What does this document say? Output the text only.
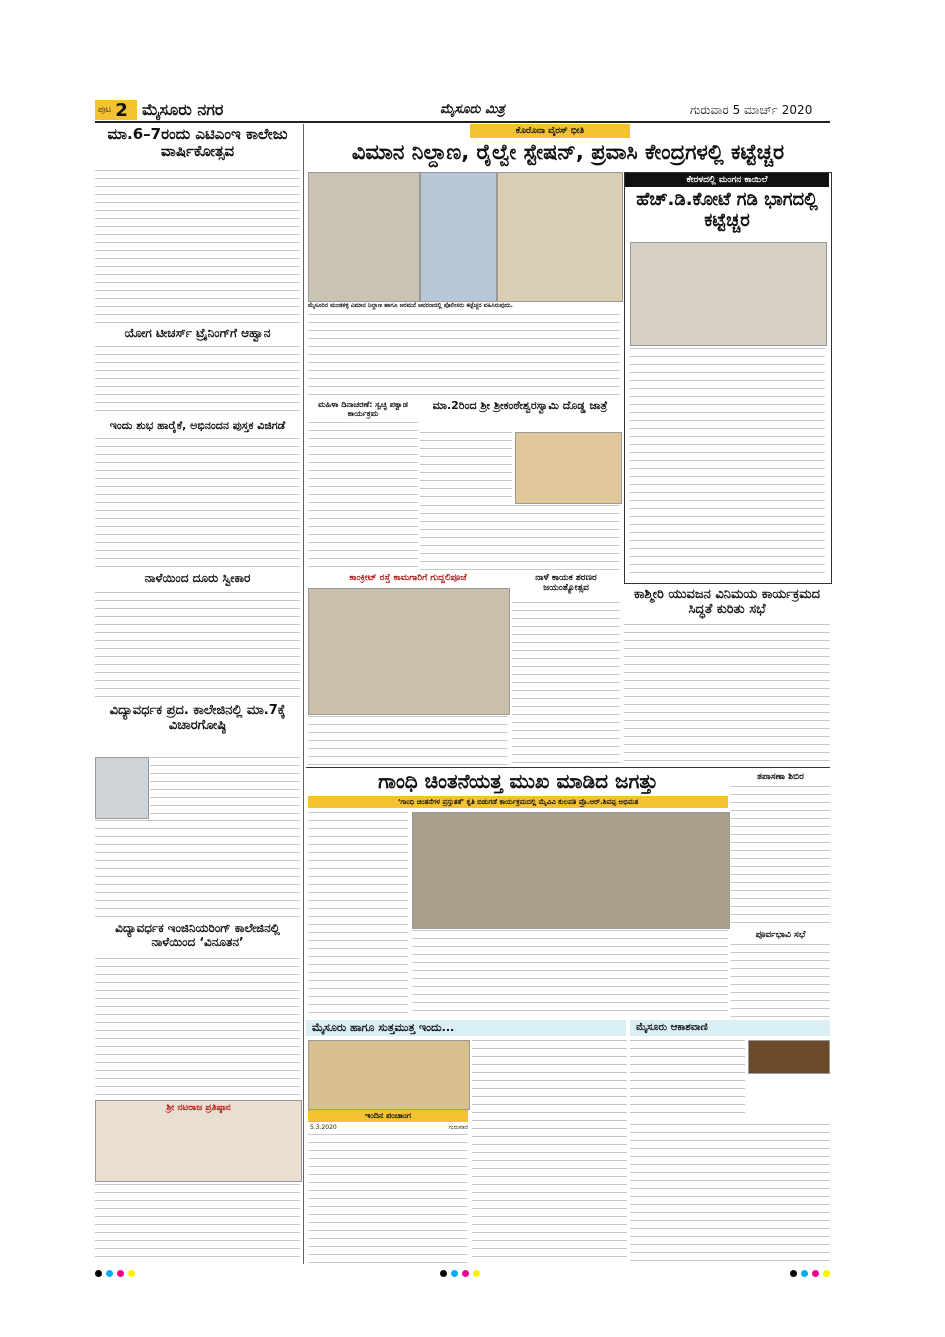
ಪುಟ 2 ಮೈಸೂರು ನಗರ	ಮೈಸೂರು ಮಿತ್ರ	ಗುರುವಾರ 5 ಮಾರ್ಚ್ 2020
ಮಾ.6–7ರಂದು ಎಟಿಎಂಇ ಕಾಲೇಜು ವಾರ್ಷಿಕೋತ್ಸವ
ಯೋಗ ಟೀಚರ್ಸ್ ಟ್ರೈನಿಂಗ್‌ಗೆ ಆಹ್ವಾನ
ಇಂದು ಶುಭ ಹಾರೈಕೆ, ಅಭಿನಂದನ ಪುಸ್ತಕ ವಿಜಿಗಡೆ
ನಾಳೆಯಿಂದ ದೂರು ಸ್ವೀಕಾರ
ವಿದ್ಯಾವರ್ಧಕ ಪ್ರದ. ಕಾಲೇಜಿನಲ್ಲಿ ಮಾ.7ಕ್ಕೆ ವಿಚಾರಗೋಷ್ಠಿ
ವಿದ್ಯಾವರ್ಧಕ ಇಂಜಿನಿಯರಿಂಗ್ ಕಾಲೇಜಿನಲ್ಲಿ ನಾಳೆಯಿಂದ ‘ವಿನೂತನ’
ಶ್ರೀ ನಟರಾಜ ಪ್ರತಿಷ್ಠಾನ
ಕೊರೊನಾ ವೈರಸ್ ಭೀತಿ
ವಿಮಾನ ನಿಲ್ದಾಣ, ರೈಲ್ವೇ ಸ್ಟೇಷನ್, ಪ್ರವಾಸಿ ಕೇಂದ್ರಗಳಲ್ಲಿ ಕಟ್ಟೆಚ್ಚರ
ಮೈಸೂರಿನ ಮಂಡಕಳ್ಳಿ ವಿಮಾನ ನಿಲ್ದಾಣ ಹಾಗೂ ಅರಮನೆ ಆವರಣದಲ್ಲಿ ಪೊಲೀಸರು ಕಟ್ಟೆಚ್ಚರ ವಹಿಸಿರುವುದು.
ಕೇರಳದಲ್ಲಿ ಮಂಗನ ಕಾಯಿಲೆ
ಹೆಚ್.ಡಿ.ಕೋಟೆ ಗಡಿ ಭಾಗದಲ್ಲಿ ಕಟ್ಟೆಚ್ಚರ
ಮಹಿಳಾ ದಿನಾಚರಣೆ: ಸ್ವಚ್ಛ ಪಕ್ವಾಡ ಕಾರ್ಯಕ್ರಮ
ಮಾ.2ರಿಂದ ಶ್ರೀ ಶ್ರೀಕಂಠೇಶ್ವರಸ್ವಾಮಿ ದೊಡ್ಡ ಜಾತ್ರೆ
ಕಾಂಕ್ರೀಟ್ ರಸ್ತೆ ಕಾಮಗಾರಿಗೆ ಗುದ್ದಲಿಪೂಜೆ	ನಾಳೆ ಕಾಯಕ ಶರಣರ ಜಯಂತ್ಯೋತ್ಸವ	ಕಾಶ್ಮೀರಿ ಯುವಜನ ವಿನಿಮಯ ಕಾರ್ಯಕ್ರಮದ ಸಿದ್ಧತೆ ಕುರಿತು ಸಭೆ
ಗಾಂಧಿ ಚಿಂತನೆಯತ್ತ ಮುಖ ಮಾಡಿದ ಜಗತ್ತು
‘ಗಾಂಧಿ ಚಿಂತನೆಗಳ ಪ್ರಸ್ತುತತೆ’ ಕೃತಿ ಬಿಡುಗಡೆ ಕಾರ್ಯಕ್ರಮದಲ್ಲಿ ಮೈವಿವಿ ಕುಲಪತಿ ಪ್ರೊ.ಆರ್.ಶಿವಪ್ಪ ಅಭಿಮತ
ತಪಾಸಣಾ ಶಿಬಿರ
ಪೂರ್ವಭಾವಿ ಸಭೆ
ಮೈಸೂರು ಹಾಗೂ ಸುತ್ತಮುತ್ತ ಇಂದು...
ಇಂದಿನ ಪಂಚಾಂಗ
5.3.2020	ಗುರುವಾರ
ಮೈಸೂರು ಆಕಾಶವಾಣಿ
